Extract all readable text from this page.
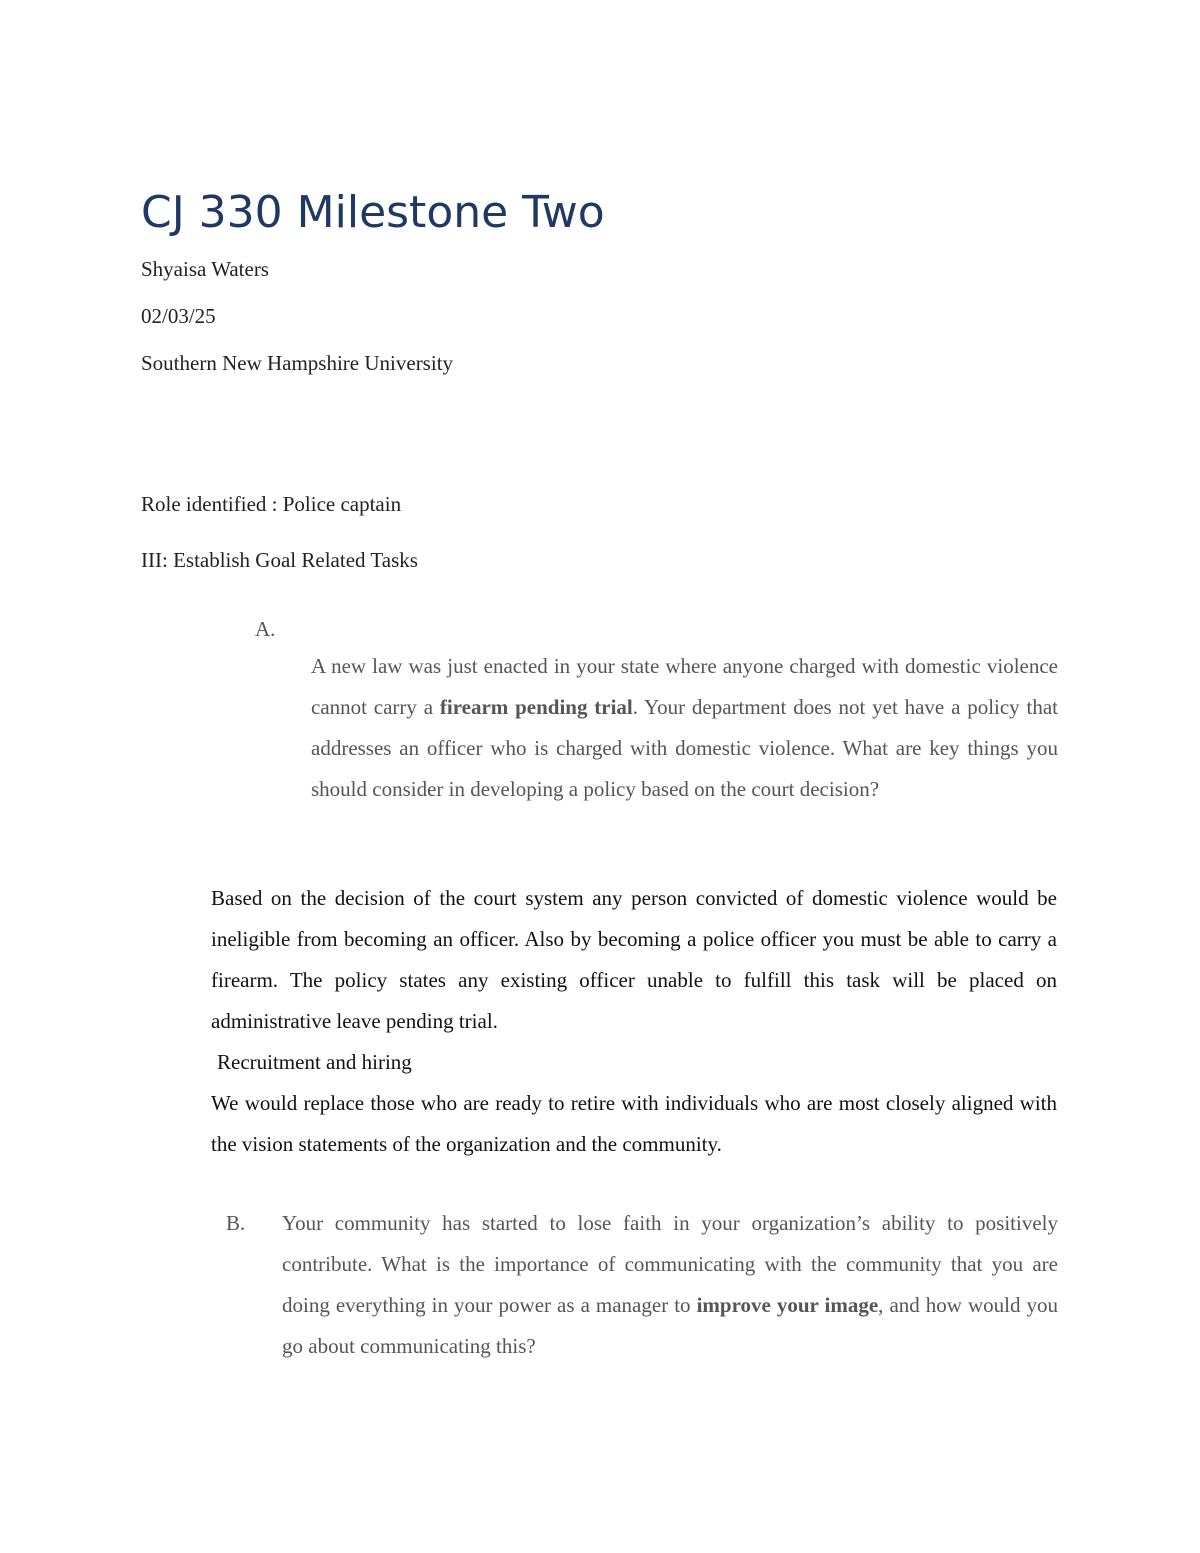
CJ 330 Milestone Two

Shyaisa Waters

02/03/25

Southern New Hampshire University

Role identified : Police captain

III: Establish Goal Related Tasks

A.

A new law was just enacted in your state where anyone charged with domestic violence cannot carry a firearm pending trial. Your department does not yet have a policy that addresses an officer who is charged with domestic violence. What are key things you should consider in developing a policy based on the court decision?

Based on the decision of the court system any person convicted of domestic violence would be ineligible from becoming an officer. Also by becoming a police officer you must be able to carry a firearm. The policy states any existing officer unable to fulfill this task will be placed on administrative leave pending trial.

Recruitment and hiring

We would replace those who are ready to retire with individuals who are most closely aligned with the vision statements of the organization and the community.

B. Your community has started to lose faith in your organization’s ability to positively contribute. What is the importance of communicating with the community that you are doing everything in your power as a manager to improve your image, and how would you go about communicating this?
